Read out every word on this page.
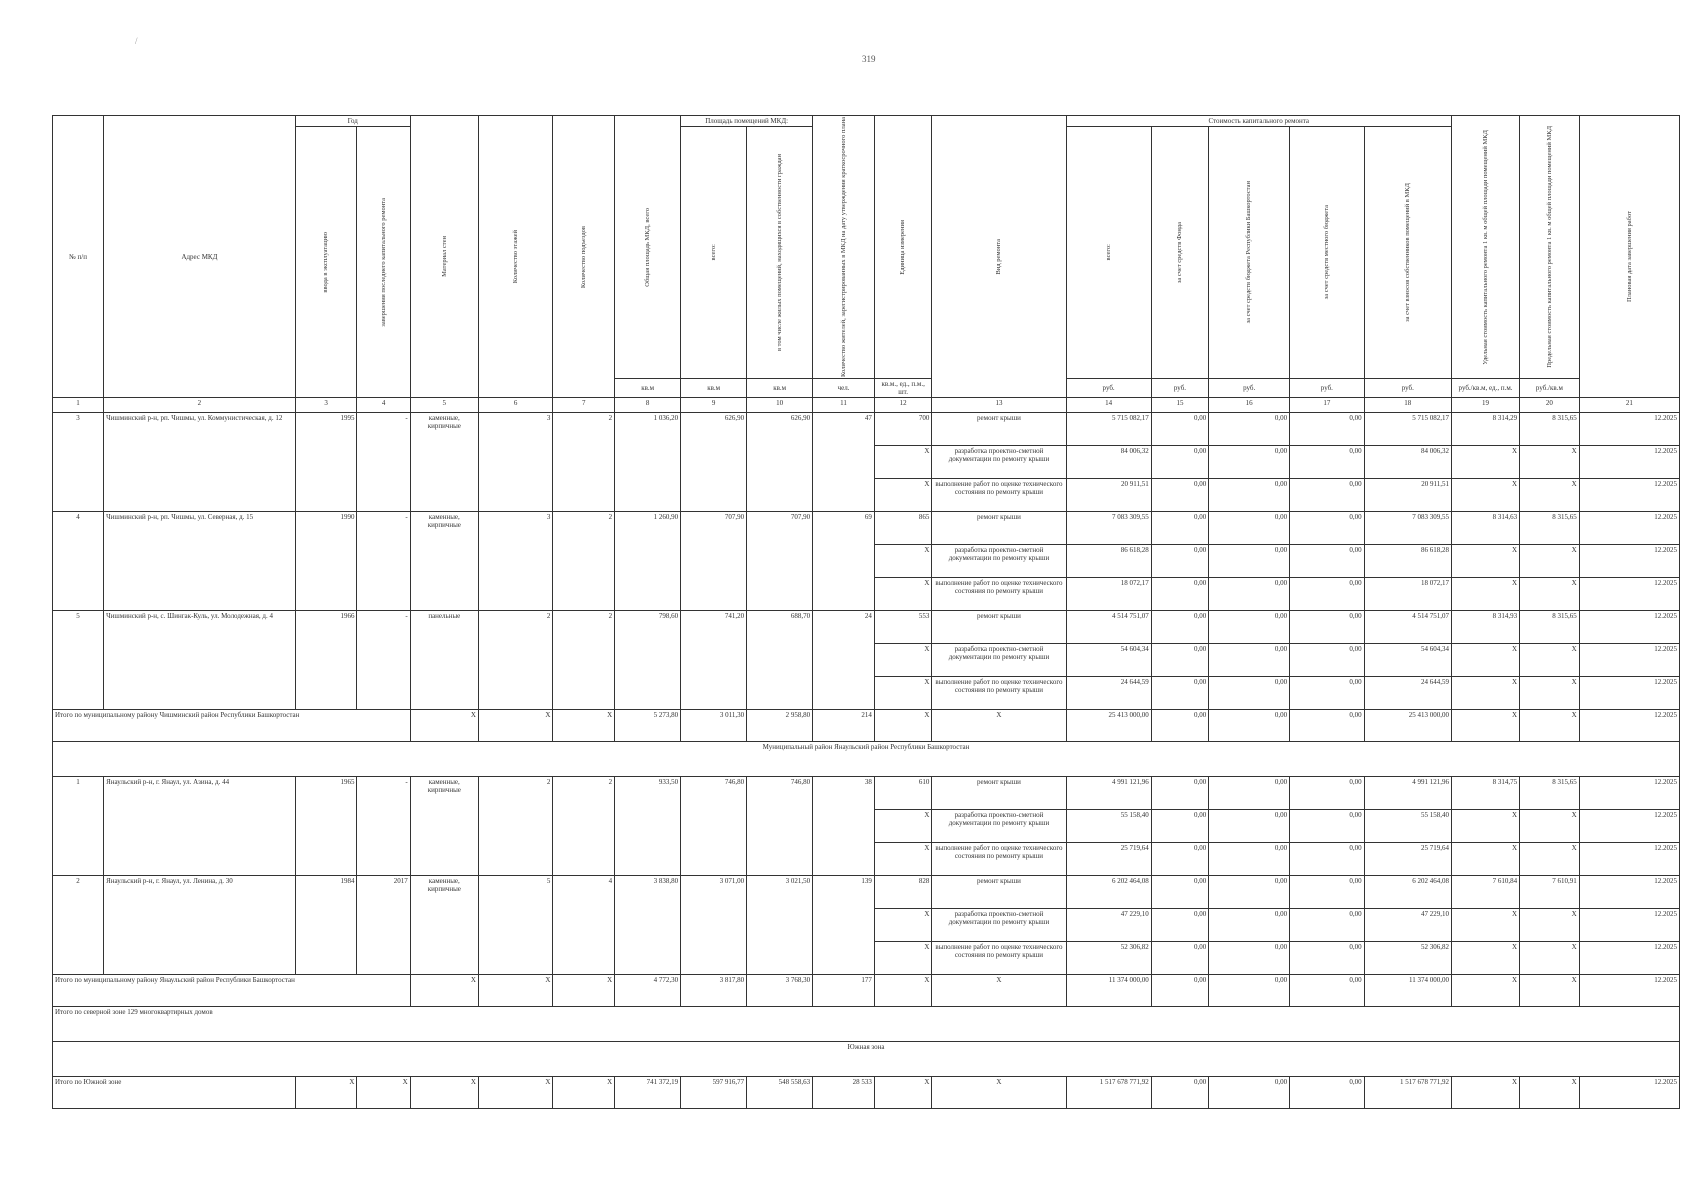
319
/
№ п/п	Адрес МКД	Год		Материал стен	Количество этажей	Количество подъездов	Общая площадь МКД, всего	Площадь помещений МКД:		Количество жителей, зарегистрированных в МКД на дату утверждения краткосрочного плана	Единица измерения	Вид ремонта	Стоимость капитального ремонта					Удельная стоимость капитального ремонта 1 кв. м общей площади помещений МКД	Предельная стоимость капитального ремонта 1 кв. м общей площади помещений МКД	Плановая дата завершения работ

		ввода в эксплуатацию	завершения последнего капитального ремонта					всего:	в том числе жилых помещений, находящихся в собственности граждан				всего:	за счет средств Фонда	за счет средств бюджета Республики Башкортостан	за счет средств местного бюджета	за счет взносов собственников помещений в МКД			

							кв.м	кв.м	кв.м	чел.	кв.м., ед., п.м., шт.		руб.	руб.	руб.	руб.	руб.	руб./кв.м, ед., п.м.	руб./кв.м	
1	2	3	4	5	6	7	8	9	10	11	12	13	14	15	16	17	18	19	20	21
3	Чишминский р-н, рп. Чишмы, ул. Коммунистическая, д. 12	1995	-	каменные, кирпичные	3	2	1 036,20	626,90	626,90	47	700	ремонт крыши	5 715 082,17	0,00	0,00	0,00	5 715 082,17	8 314,29	8 315,65	12.2025
											X	разработка проектно-сметной документации по ремонту крыши	84 006,32	0,00	0,00	0,00	84 006,32	X	X	12.2025
											X	выполнение работ по оценке технического состояния по ремонту крыши	20 911,51	0,00	0,00	0,00	20 911,51	X	X	12.2025
4	Чишминский р-н, рп. Чишмы, ул. Северная, д. 15	1990	-	каменные, кирпичные	3	2	1 260,90	707,90	707,90	69	865	ремонт крыши	7 083 309,55	0,00	0,00	0,00	7 083 309,55	8 314,63	8 315,65	12.2025
											X	разработка проектно-сметной документации по ремонту крыши	86 618,28	0,00	0,00	0,00	86 618,28	X	X	12.2025
											X	выполнение работ по оценке технического состояния по ремонту крыши	18 072,17	0,00	0,00	0,00	18 072,17	X	X	12.2025
5	Чишминский р-н, с. Шингак-Куль, ул. Молодежная, д. 4	1966	-	панельные	2	2	798,60	741,20	688,70	24	553	ремонт крыши	4 514 751,07	0,00	0,00	0,00	4 514 751,07	8 314,93	8 315,65	12.2025
											X	разработка проектно-сметной документации по ремонту крыши	54 604,34	0,00	0,00	0,00	54 604,34	X	X	12.2025
											X	выполнение работ по оценке технического состояния по ремонту крыши	24 644,59	0,00	0,00	0,00	24 644,59	X	X	12.2025
Итого по муниципальному району Чишминский район Республики Башкортостан				X	X	X	5 273,80	3 011,30	2 958,80	214	X	X	25 413 000,00	0,00	0,00	0,00	25 413 000,00	X	X	12.2025
Муниципальный район Янаульский район Республики Башкортостан																				
1	Янаульский р-н, г. Янаул, ул. Азина, д. 44	1965	-	каменные, кирпичные	2	2	933,50	746,80	746,80	38	610	ремонт крыши	4 991 121,96	0,00	0,00	0,00	4 991 121,96	8 314,75	8 315,65	12.2025
											X	разработка проектно-сметной документации по ремонту крыши	55 158,40	0,00	0,00	0,00	55 158,40	X	X	12.2025
											X	выполнение работ по оценке технического состояния по ремонту крыши	25 719,64	0,00	0,00	0,00	25 719,64	X	X	12.2025
2	Янаульский р-н, г. Янаул, ул. Ленина, д. 30	1984	2017	каменные, кирпичные	5	4	3 838,80	3 071,00	3 021,50	139	828	ремонт крыши	6 202 464,08	0,00	0,00	0,00	6 202 464,08	7 610,84	7 610,91	12.2025
											X	разработка проектно-сметной документации по ремонту крыши	47 229,10	0,00	0,00	0,00	47 229,10	X	X	12.2025
											X	выполнение работ по оценке технического состояния по ремонту крыши	52 306,82	0,00	0,00	0,00	52 306,82	X	X	12.2025
Итого по муниципальному району Янаульский район Республики Башкортостан				X	X	X	4 772,30	3 817,80	3 768,30	177	X	X	11 374 000,00	0,00	0,00	0,00	11 374 000,00	X	X	12.2025
Итого по северной зоне 129 многоквартирных домов																				
Южная зона																				
Итого по Южной зоне		X	X	X	X	X	741 372,19	597 916,77	548 558,63	28 533	X	X	1 517 678 771,92	0,00	0,00	0,00	1 517 678 771,92	X	X	12.2025
